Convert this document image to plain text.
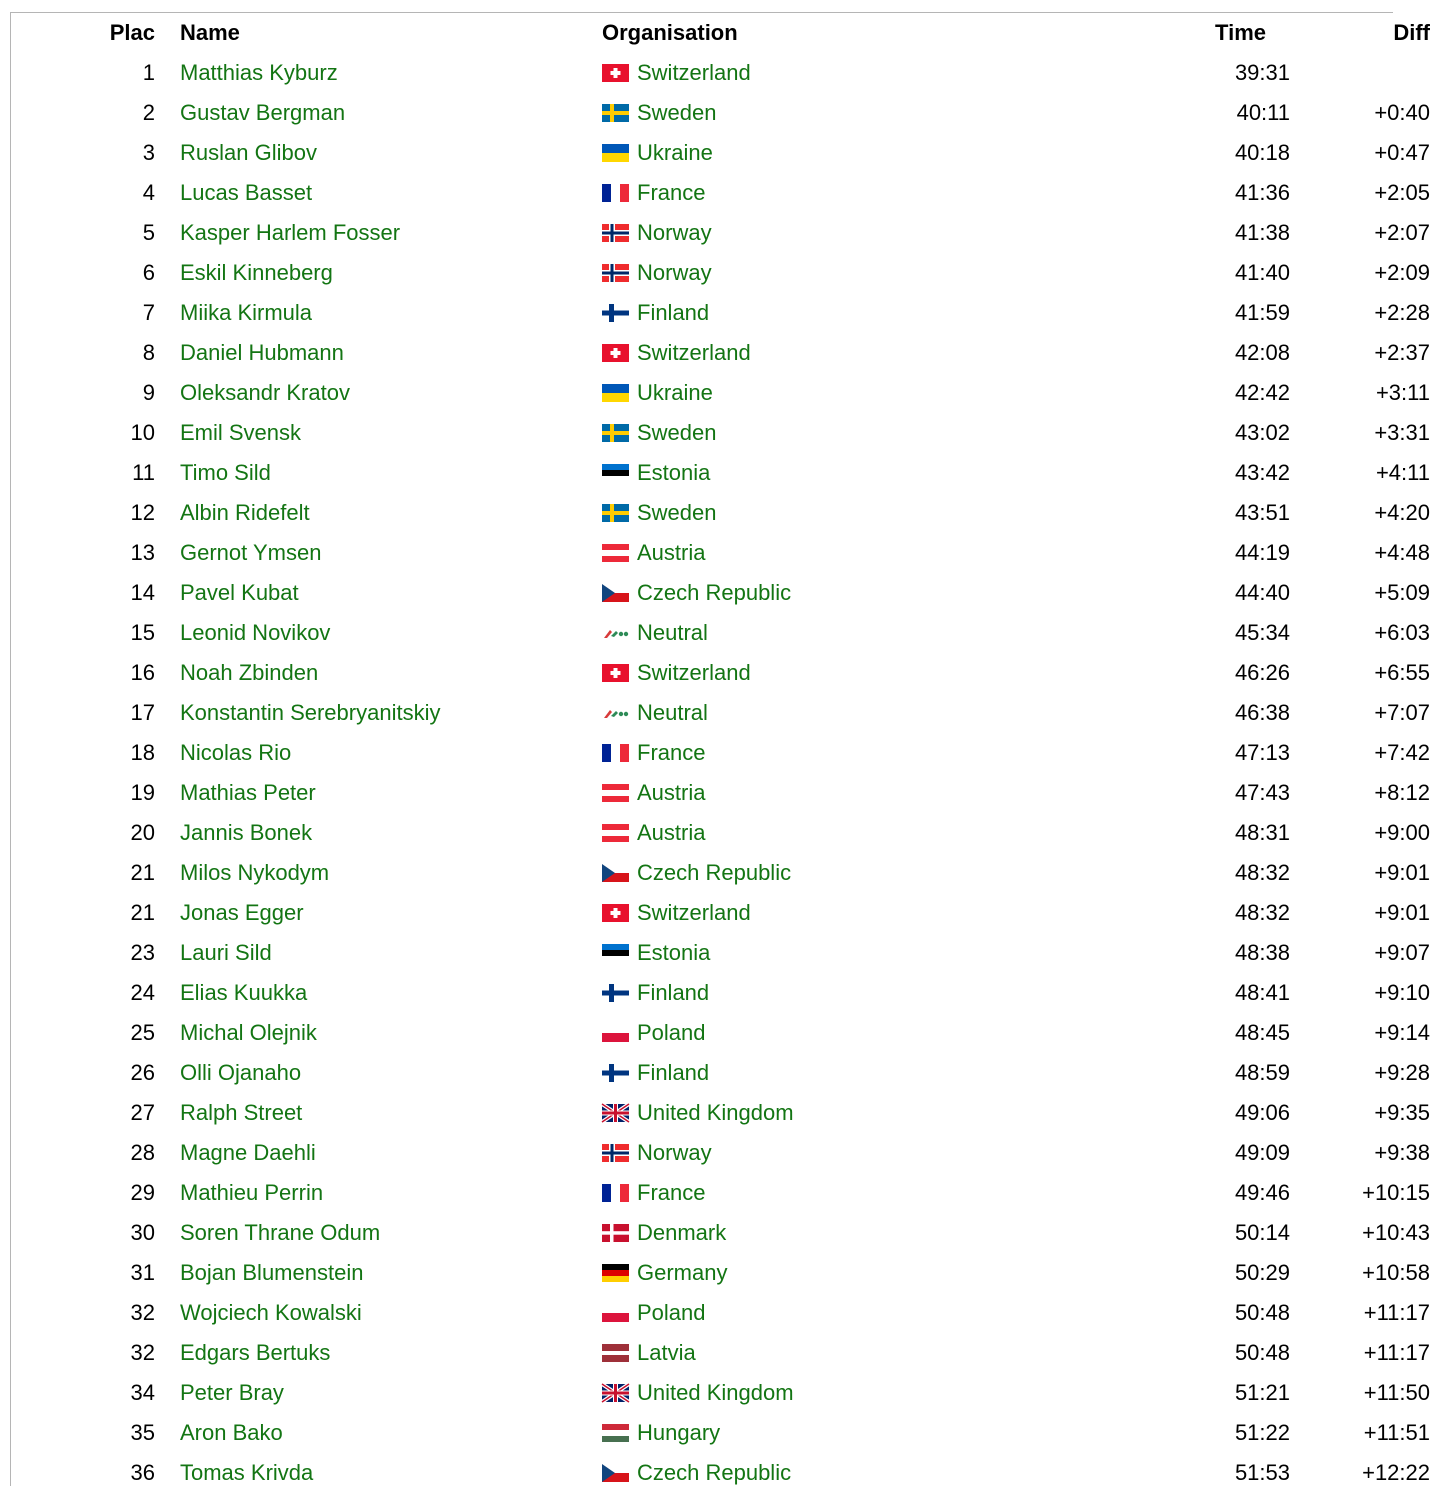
Plac		Name	Organisation	Time	Diff
1		Matthias Kyburz	Switzerland	39:31	
2		Gustav Bergman	Sweden	40:11	+0:40
3		Ruslan Glibov	Ukraine	40:18	+0:47
4		Lucas Basset	France	41:36	+2:05
5		Kasper Harlem Fosser	Norway	41:38	+2:07
6		Eskil Kinneberg	Norway	41:40	+2:09
7		Miika Kirmula	Finland	41:59	+2:28
8		Daniel Hubmann	Switzerland	42:08	+2:37
9		Oleksandr Kratov	Ukraine	42:42	+3:11
10		Emil Svensk	Sweden	43:02	+3:31
11		Timo Sild	Estonia	43:42	+4:11
12		Albin Ridefelt	Sweden	43:51	+4:20
13		Gernot Ymsen	Austria	44:19	+4:48
14		Pavel Kubat	Czech Republic	44:40	+5:09
15		Leonid Novikov	Neutral	45:34	+6:03
16		Noah Zbinden	Switzerland	46:26	+6:55
17		Konstantin Serebryanitskiy	Neutral	46:38	+7:07
18		Nicolas Rio	France	47:13	+7:42
19		Mathias Peter	Austria	47:43	+8:12
20		Jannis Bonek	Austria	48:31	+9:00
21		Milos Nykodym	Czech Republic	48:32	+9:01
21		Jonas Egger	Switzerland	48:32	+9:01
23		Lauri Sild	Estonia	48:38	+9:07
24		Elias Kuukka	Finland	48:41	+9:10
25		Michal Olejnik	Poland	48:45	+9:14
26		Olli Ojanaho	Finland	48:59	+9:28
27		Ralph Street	United Kingdom	49:06	+9:35
28		Magne Daehli	Norway	49:09	+9:38
29		Mathieu Perrin	France	49:46	+10:15
30		Soren Thrane Odum	Denmark	50:14	+10:43
31		Bojan Blumenstein	Germany	50:29	+10:58
32		Wojciech Kowalski	Poland	50:48	+11:17
32		Edgars Bertuks	Latvia	50:48	+11:17
34		Peter Bray	United Kingdom	51:21	+11:50
35		Aron Bako	Hungary	51:22	+11:51
36		Tomas Krivda	Czech Republic	51:53	+12:22
